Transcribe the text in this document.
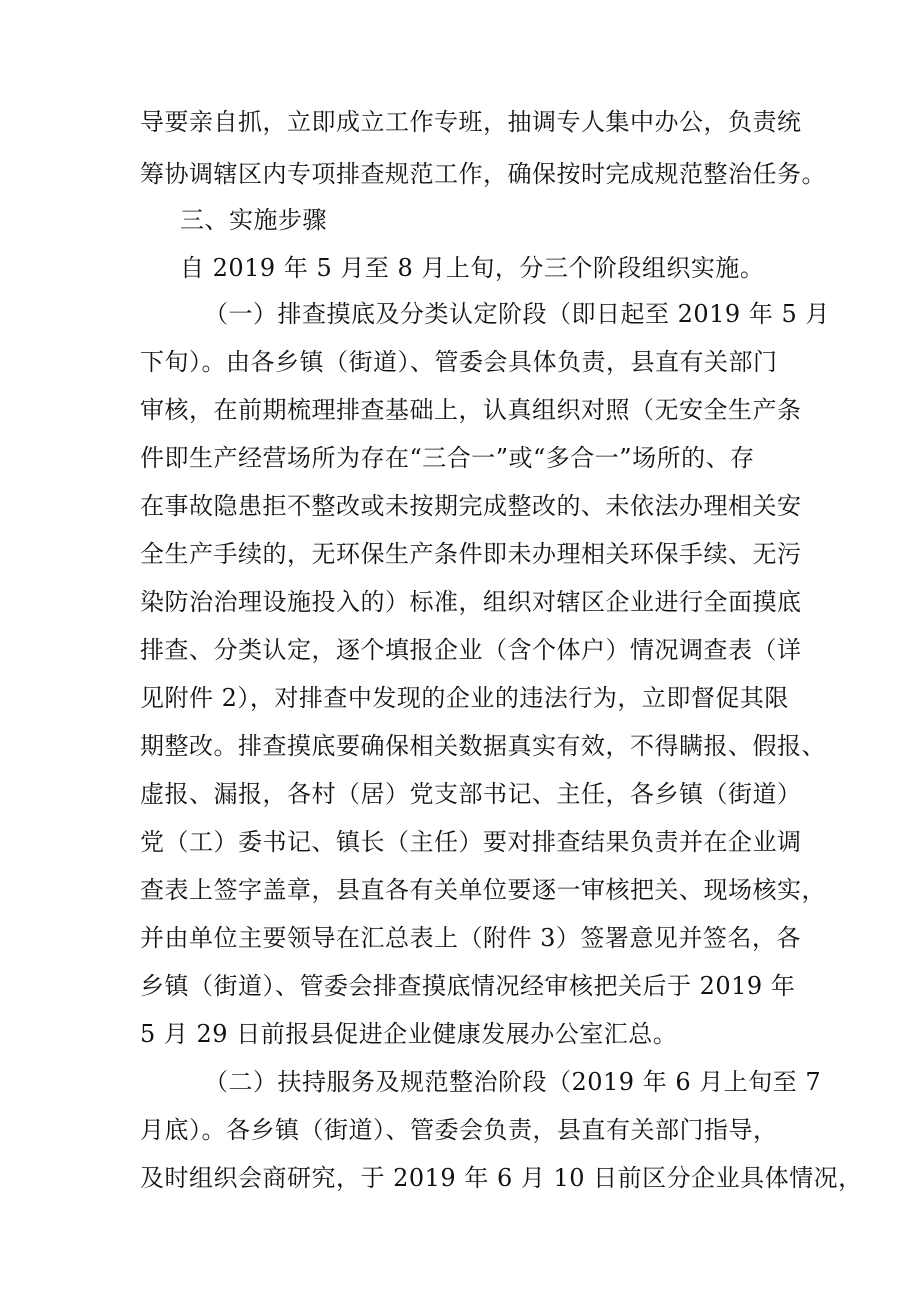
导要亲自抓，立即成立工作专班，抽调专人集中办公，负责统
筹协调辖区内专项排查规范工作，确保按时完成规范整治任务。
三、实施步骤
自 2019 年 5 月至 8 月上旬，分三个阶段组织实施。
（一）排查摸底及分类认定阶段（即日起至 2019 年 5 月
下旬）。由各乡镇（街道）、管委会具体负责，县直有关部门
审核，在前期梳理排查基础上，认真组织对照（无安全生产条
件即生产经营场所为存在“三合一”或“多合一”场所的、存
在事故隐患拒不整改或未按期完成整改的、未依法办理相关安
全生产手续的，无环保生产条件即未办理相关环保手续、无污
染防治治理设施投入的）标准，组织对辖区企业进行全面摸底
排查、分类认定，逐个填报企业（含个体户）情况调查表（详
见附件 2），对排查中发现的企业的违法行为，立即督促其限
期整改。排查摸底要确保相关数据真实有效，不得瞒报、假报、
虚报、漏报，各村（居）党支部书记、主任，各乡镇（街道）
党（工）委书记、镇长（主任）要对排查结果负责并在企业调
查表上签字盖章，县直各有关单位要逐一审核把关、现场核实，
并由单位主要领导在汇总表上（附件 3）签署意见并签名，各
乡镇（街道）、管委会排查摸底情况经审核把关后于 2019 年
5 月 29 日前报县促进企业健康发展办公室汇总。
（二）扶持服务及规范整治阶段（2019 年 6 月上旬至 7
月底）。各乡镇（街道）、管委会负责，县直有关部门指导，
及时组织会商研究，于 2019 年 6 月 10 日前区分企业具体情况，
